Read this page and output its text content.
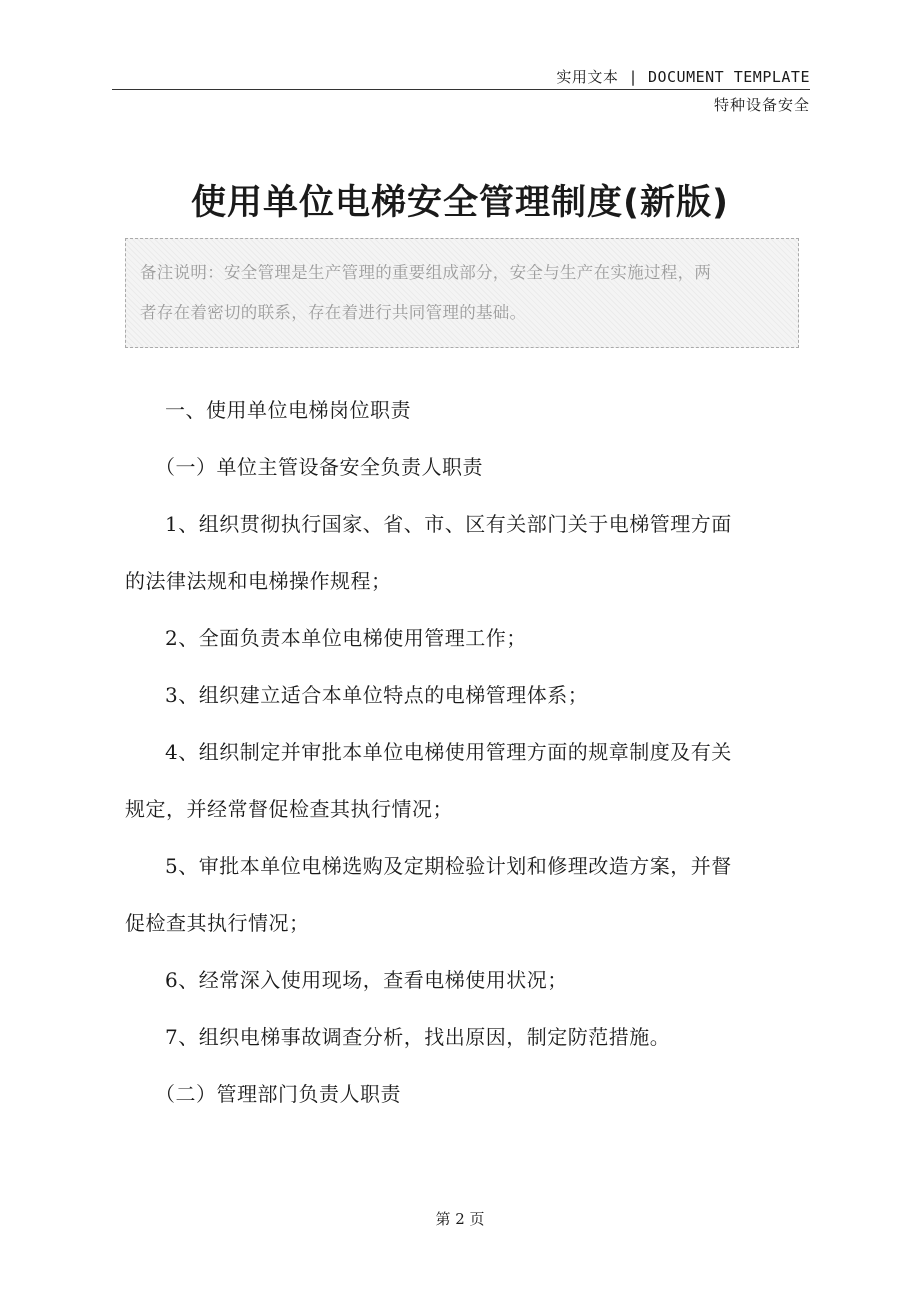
实用文本 | DOCUMENT TEMPLATE
特种设备安全
使用单位电梯安全管理制度(新版)
备注说明：安全管理是生产管理的重要组成部分，安全与生产在实施过程，两
者存在着密切的联系，存在着进行共同管理的基础。
一、使用单位电梯岗位职责
（一）单位主管设备安全负责人职责
1、组织贯彻执行国家、省、市、区有关部门关于电梯管理方面
的法律法规和电梯操作规程；
2、全面负责本单位电梯使用管理工作；
3、组织建立适合本单位特点的电梯管理体系；
4、组织制定并审批本单位电梯使用管理方面的规章制度及有关
规定，并经常督促检查其执行情况；
5、审批本单位电梯选购及定期检验计划和修理改造方案，并督
促检查其执行情况；
6、经常深入使用现场，查看电梯使用状况；
7、组织电梯事故调查分析，找出原因，制定防范措施。
（二）管理部门负责人职责
第 2 页
